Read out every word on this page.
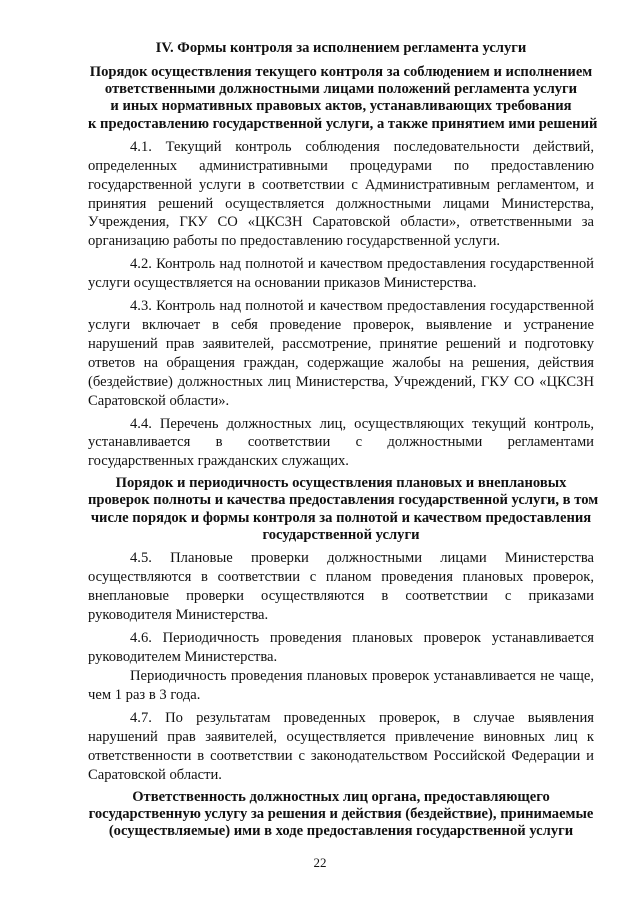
IV. Формы контроля за исполнением регламента услуги
Порядок осуществления текущего контроля за соблюдением и исполнением
ответственными должностными лицами положений регламента услуги
и иных нормативных правовых актов, устанавливающих требования
к предоставлению государственной услуги, а также принятием ими решений

4.1. Текущий контроль соблюдения последовательности действий, определенных административными процедурами по предоставлению государственной услуги в соответствии с Административным регламентом, и принятия решений осуществляется должностными лицами Министерства, Учреждения, ГКУ СО «ЦКСЗН Саратовской области», ответственными за организацию работы по предоставлению государственной услуги.

4.2. Контроль над полнотой и качеством предоставления государственной услуги осуществляется на основании приказов Министерства.

4.3. Контроль над полнотой и качеством предоставления государственной услуги включает в себя проведение проверок, выявление и устранение нарушений прав заявителей, рассмотрение, принятие решений и подготовку ответов на обращения граждан, содержащие жалобы на решения, действия (бездействие) должностных лиц Министерства, Учреждений, ГКУ СО «ЦКСЗН Саратовской области».

4.4. Перечень должностных лиц, осуществляющих текущий контроль, устанавливается в соответствии с должностными регламентами государственных гражданских служащих.

Порядок и периодичность осуществления плановых и внеплановых
проверок полноты и качества предоставления государственной услуги, в том
числе порядок и формы контроля за полнотой и качеством предоставления
государственной услуги

4.5. Плановые проверки должностными лицами Министерства осуществляются в соответствии с планом проведения плановых проверок, внеплановые проверки осуществляются в соответствии с приказами руководителя Министерства.

4.6. Периодичность проведения плановых проверок устанавливается руководителем Министерства.

Периодичность проведения плановых проверок устанавливается не чаще, чем 1 раз в 3 года.

4.7. По результатам проведенных проверок, в случае выявления нарушений прав заявителей, осуществляется привлечение виновных лиц к ответственности в соответствии с законодательством Российской Федерации и Саратовской области.

Ответственность должностных лиц органа, предоставляющего
государственную услугу за решения и действия (бездействие), принимаемые
(осуществляемые) ими в ходе предоставления государственной услуги
22
